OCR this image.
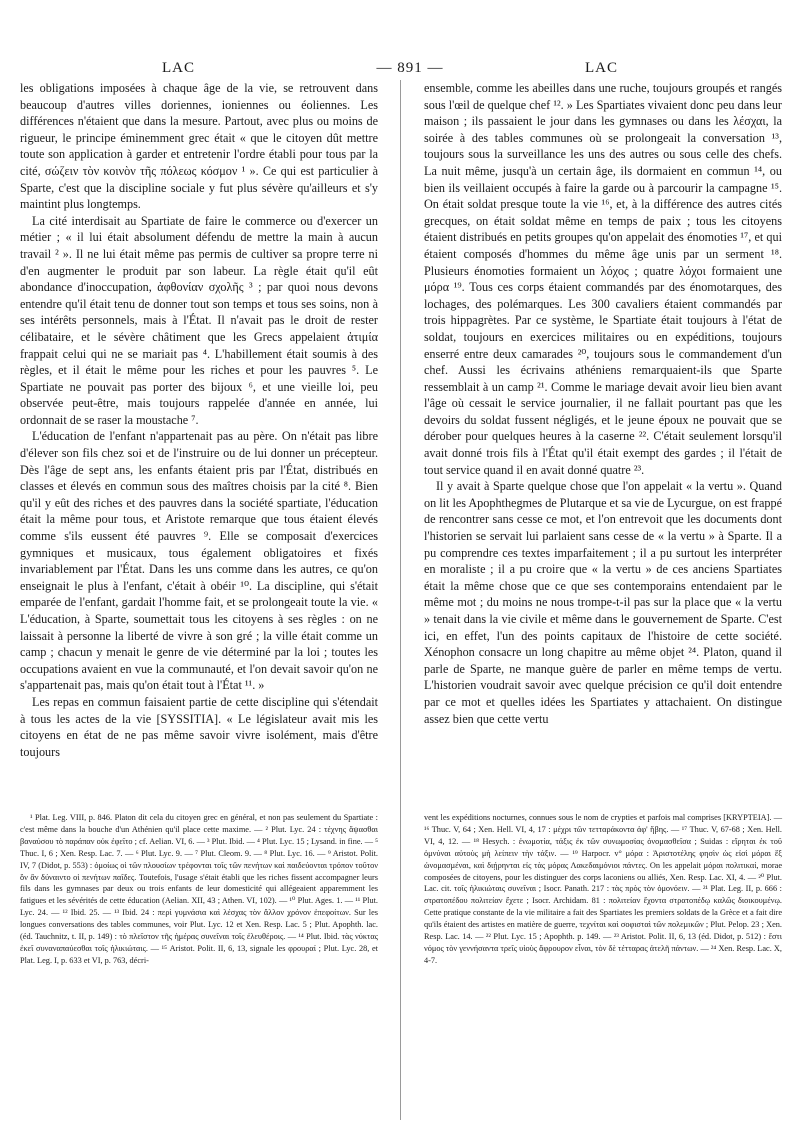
LAC	— 891 —	LAC

les obligations imposées à chaque âge de la vie, se retrouvent dans beaucoup d'autres villes doriennes, ioniennes ou éoliennes. Les différences n'étaient que dans la mesure. Partout, avec plus ou moins de rigueur, le principe éminemment grec était « que le citoyen dût mettre toute son application à garder et entretenir l'ordre établi pour tous par la cité, σώζειν τὸν κοινὸν τῆς πόλεως κόσμον ¹ ». Ce qui est particulier à Sparte, c'est que la discipline sociale y fut plus sévère qu'ailleurs et s'y maintint plus longtemps.

La cité interdisait au Spartiate de faire le commerce ou d'exercer un métier ; « il lui était absolument défendu de mettre la main à aucun travail ² ». Il ne lui était même pas permis de cultiver sa propre terre ni d'en augmenter le produit par son labeur. La règle était qu'il eût abondance d'inoccupation, ἀφθονίαν σχολῆς ³ ; par quoi nous devons entendre qu'il était tenu de donner tout son temps et tous ses soins, non à ses intérêts personnels, mais à l'État. Il n'avait pas le droit de rester célibataire, et le sévère châtiment que les Grecs appelaient ἀτιμία frappait celui qui ne se mariait pas ⁴. L'habillement était soumis à des règles, et il était le même pour les riches et pour les pauvres ⁵. Le Spartiate ne pouvait pas porter des bijoux ⁶, et une vieille loi, peu observée peut-être, mais toujours rappelée d'année en année, lui ordonnait de se raser la moustache ⁷.

L'éducation de l'enfant n'appartenait pas au père. On n'était pas libre d'élever son fils chez soi et de l'instruire ou de lui donner un précepteur. Dès l'âge de sept ans, les enfants étaient pris par l'État, distribués en classes et élevés en commun sous des maîtres choisis par la cité ⁸. Bien qu'il y eût des riches et des pauvres dans la société spartiate, l'éducation était la même pour tous, et Aristote remarque que tous étaient élevés comme s'ils eussent été pauvres ⁹. Elle se composait d'exercices gymniques et musicaux, tous également obligatoires et fixés invariablement par l'État. Dans les uns comme dans les autres, ce qu'on enseignait le plus à l'enfant, c'était à obéir ¹⁰. La discipline, qui s'était emparée de l'enfant, gardait l'homme fait, et se prolongeait toute la vie. « L'éducation, à Sparte, soumettait tous les citoyens à ses règles : on ne laissait à personne la liberté de vivre à son gré ; la ville était comme un camp ; chacun y menait le genre de vie déterminé par la loi ; toutes les occupations avaient en vue la communauté, et l'on devait savoir qu'on ne s'appartenait pas, mais qu'on était tout à l'État ¹¹. »

Les repas en commun faisaient partie de cette discipline qui s'étendait à tous les actes de la vie [SYSSITIA]. « Le législateur avait mis les citoyens en état de ne pas même savoir vivre isolément, mais d'être toujours

ensemble, comme les abeilles dans une ruche, toujours groupés et rangés sous l'œil de quelque chef ¹². » Les Spartiates vivaient donc peu dans leur maison ; ils passaient le jour dans les gymnases ou dans les λέσχαι, la soirée à des tables communes où se prolongeait la conversation ¹³, toujours sous la surveillance les uns des autres ou sous celle des chefs. La nuit même, jusqu'à un certain âge, ils dormaient en commun ¹⁴, ou bien ils veillaient occupés à faire la garde ou à parcourir la campagne ¹⁵. On était soldat presque toute la vie ¹⁶, et, à la différence des autres cités grecques, on était soldat même en temps de paix ; tous les citoyens étaient distribués en petits groupes qu'on appelait des énomoties ¹⁷, et qui étaient composés d'hommes du même âge unis par un serment ¹⁸. Plusieurs énomoties formaient un λόχος ; quatre λόχοι formaient une μόρα ¹⁹. Tous ces corps étaient commandés par des énomotarques, des lochages, des polémarques. Les 300 cavaliers étaient commandés par trois hippagrètes. Par ce système, le Spartiate était toujours à l'état de soldat, toujours en exercices militaires ou en expéditions, toujours enserré entre deux camarades ²⁰, toujours sous le commandement d'un chef. Aussi les écrivains athéniens remarquaient-ils que Sparte ressemblait à un camp ²¹. Comme le mariage devait avoir lieu bien avant l'âge où cessait le service journalier, il ne fallait pourtant pas que les devoirs du soldat fussent négligés, et le jeune époux ne pouvait que se dérober pour quelques heures à la caserne ²². C'était seulement lorsqu'il avait donné trois fils à l'État qu'il était exempt des gardes ; il l'était de tout service quand il en avait donné quatre ²³.

Il y avait à Sparte quelque chose que l'on appelait « la vertu ». Quand on lit les Apophthegmes de Plutarque et sa vie de Lycurgue, on est frappé de rencontrer sans cesse ce mot, et l'on entrevoit que les documents dont l'historien se servait lui parlaient sans cesse de « la vertu » à Sparte. Il a pu comprendre ces textes imparfaitement ; il a pu surtout les interpréter en moraliste ; il a pu croire que « la vertu » de ces anciens Spartiates était la même chose que ce que ses contemporains entendaient par le même mot ; du moins ne nous trompe-t-il pas sur la place que « la vertu » tenait dans la vie civile et même dans le gouvernement de Sparte. C'est ici, en effet, l'un des points capitaux de l'histoire de cette société. Xénophon consacre un long chapitre au même objet ²⁴. Platon, quand il parle de Sparte, ne manque guère de parler en même temps de vertu. L'historien voudrait savoir avec quelque précision ce qu'il doit entendre par ce mot et quelles idées les Spartiates y attachaient. On distingue assez bien que cette vertu

¹ Plat. Leg. VIII, p. 846. Platon dit cela du citoyen grec en général, et non pas seulement du Spartiate : c'est même dans la bouche d'un Athénien qu'il place cette maxime. — ² Plut. Lyc. 24 : τέχνης ἅψασθαι βαναύσου τὸ παράπαν οὐκ ἐφεῖτο ; cf. Aelian. VI, 6. — ³ Plut. Ibid. — ⁴ Plut. Lyc. 15 ; Lysand. in fine. — ⁵ Thuc. I, 6 ; Xen. Resp. Lac. 7. — ⁶ Plut. Lyc. 9. — ⁷ Plut. Cleom. 9. — ⁸ Plut. Lyc. 16. — ⁹ Aristot. Polit. IV, 7 (Didot, p. 553) : ὁμοίως οἱ τῶν πλουσίων τρέφονται τοῖς τῶν πενήτων καὶ παιδεύονται τρόπον τοῦτον ὃν ἂν δύναιντο οἱ πενήτων παῖδες. Toutefois, l'usage s'était établi que les riches fissent accompagner leurs fils dans les gymnases par deux ou trois enfants de leur domesticité qui allégeaient apparemment les fatigues et les sévérités de cette éducation (Aelian. XII, 43 ; Athen. VI, 102). — ¹⁰ Plut. Ages. 1. — ¹¹ Plut. Lyc. 24. — ¹² Ibid. 25. — ¹³ Ibid. 24 : περὶ γυμνάσια καὶ λέσχας τὸν ἄλλον χρόνον ἐπεφοίτων. Sur les longues conversations des tables communes, voir Plut. Lyc. 12 et Xen. Resp. Lac. 5 ; Plut. Apophth. lac. (éd. Tauchnitz, t. II, p. 149) : τὸ πλεῖστον τῆς ἡμέρας συνεῖναι τοῖς ἐλευθέροις. — ¹⁴ Plut. Ibid. τὰς νύκτας ἐκεῖ συναναπαύεσθαι τοῖς ἡλικιώταις. — ¹⁵ Aristot. Polit. II, 6, 13, signale les φρουραί ; Plut. Lyc. 28, et Plat. Leg. I, p. 633 et VI, p. 763, décri-

vent les expéditions nocturnes, connues sous le nom de crypties et parfois mal comprises [KRYPTEIA]. — ¹⁶ Thuc. V, 64 ; Xen. Hell. VI, 4, 17 : μέχρι τῶν τετταράκοντα ἀφ' ἥβης. — ¹⁷ Thuc. V, 67-68 ; Xen. Hell. VI, 4, 12. — ¹⁸ Hesych. : ἐνωμοτία, τάξις ἐκ τῶν συνωμοσίας ὀνομασθεῖσα ; Suidas : εἴρηται ἐκ τοῦ ὀμνύναι αὐτοὺς μὴ λείπειν τὴν τάξιν. — ¹⁹ Harpocr. v° μόρα : Ἀριστοτέλης φησὶν ὡς εἰσὶ μόραι ἓξ ὠνομασμέναι, καὶ διῄρηνται εἰς τὰς μόρας Λακεδαιμόνιοι πάντες. On les appelait μόραι πολιτικαί, morae composées de citoyens, pour les distinguer des corps laconiens ou alliés, Xen. Resp. Lac. XI, 4. — ²⁰ Plut. Lac. cit. τοῖς ἡλικιώταις συνεῖναι ; Isocr. Panath. 217 : τὰς πρὸς τὸν ὁμονόειν. — ²¹ Plat. Leg. II, p. 666 : στρατοπέδου πολιτείαν ἔχετε ; Isocr. Archidam. 81 : πολιτείαν ἔχοντα στρατοπέδῳ καλῶς διοικουμένῳ. Cette pratique constante de la vie militaire a fait des Spartiates les premiers soldats de la Grèce et a fait dire qu'ils étaient des artistes en matière de guerre, τεχνίται καὶ σοφισταὶ τῶν πολεμικῶν ; Plut. Pelop. 23 ; Xen. Resp. Lac. 14. — ²² Plut. Lyc. 15 ; Apophth. p. 149. — ²³ Aristot. Polit. II, 6, 13 (éd. Didot, p. 512) : ἔστι νόμος τὸν γεννήσαντα τρεῖς υἱοὺς ἄφρουρον εἶναι, τὸν δὲ τέτταρας ἀτελῆ πάντων. — ²⁴ Xen. Resp. Lac. X, 4-7.
